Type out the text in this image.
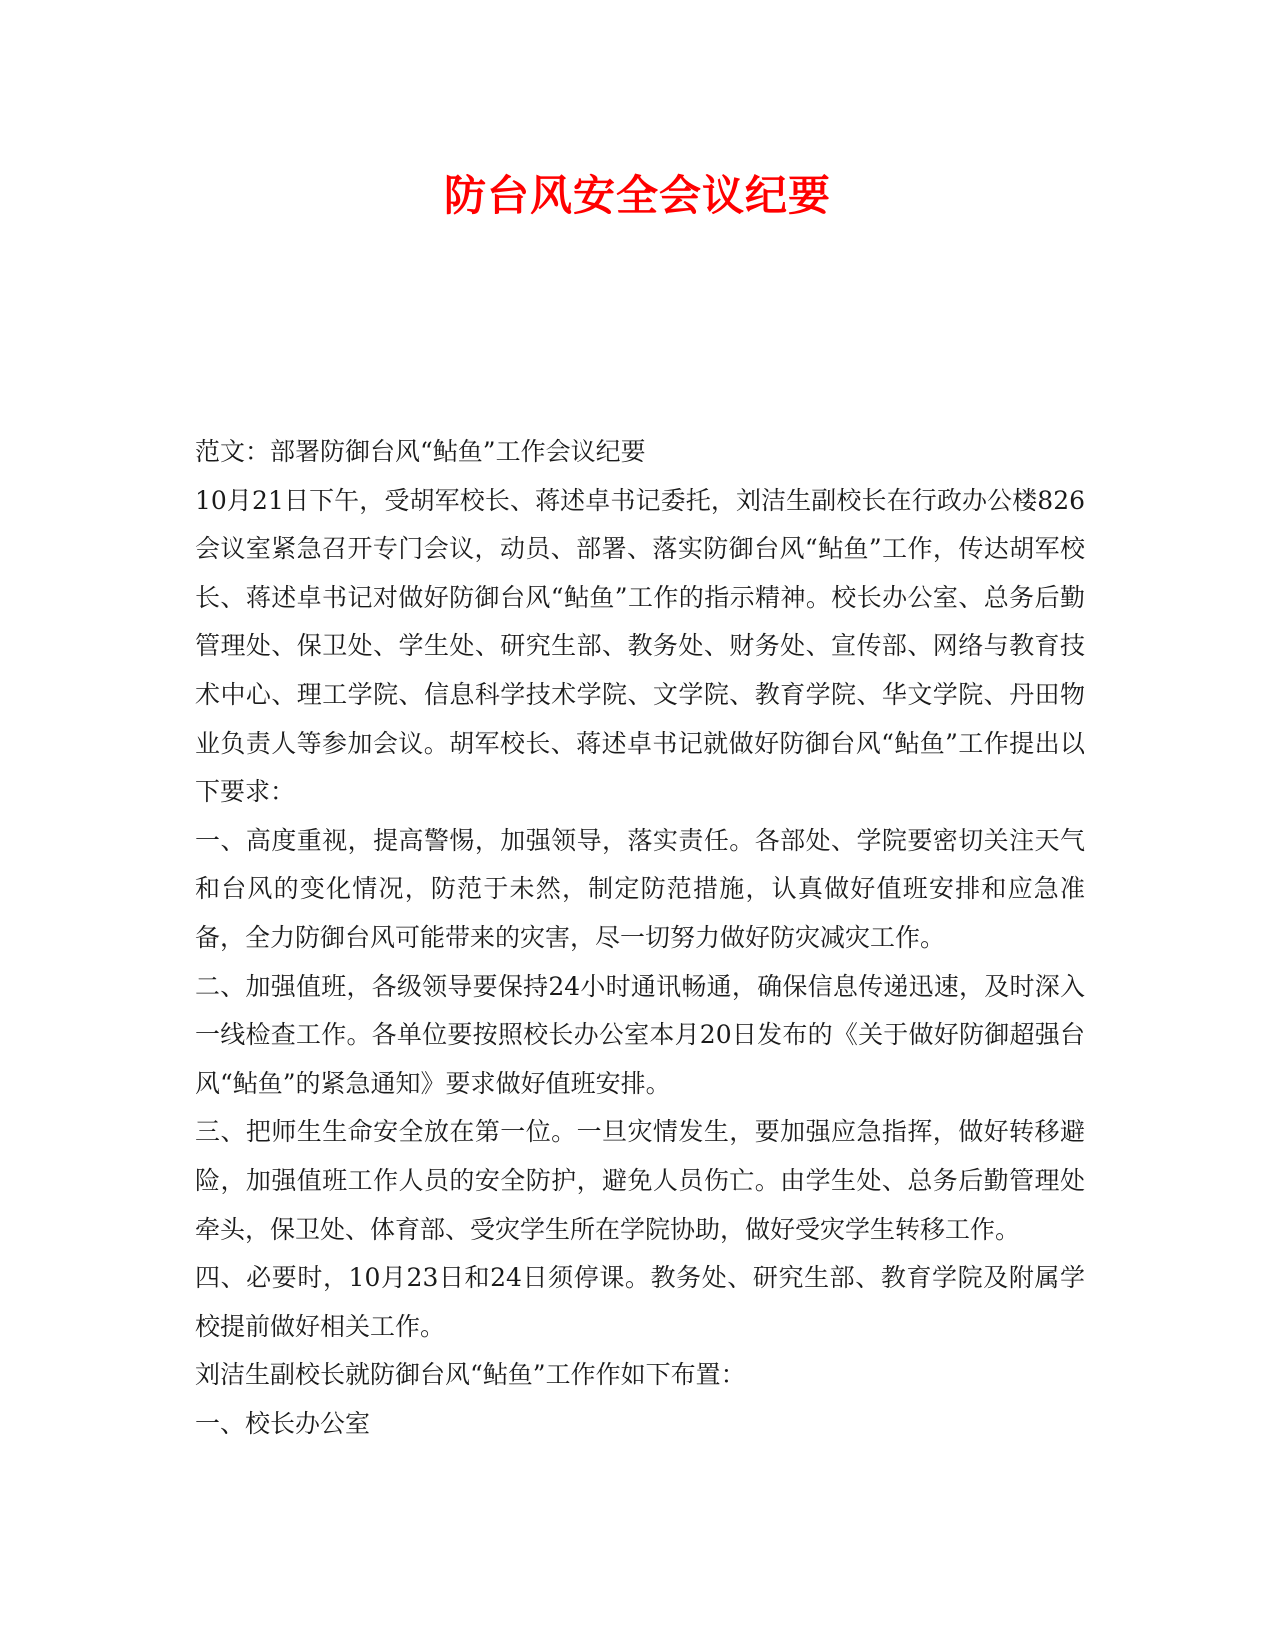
防台风安全会议纪要

范文：部署防御台风“鲇鱼”工作会议纪要

10月21日下午，受胡军校长、蒋述卓书记委托，刘洁生副校长在行政办公楼826会议室紧急召开专门会议，动员、部署、落实防御台风“鲇鱼”工作，传达胡军校长、蒋述卓书记对做好防御台风“鲇鱼”工作的指示精神。校长办公室、总务后勤管理处、保卫处、学生处、研究生部、教务处、财务处、宣传部、网络与教育技术中心、理工学院、信息科学技术学院、文学院、教育学院、华文学院、丹田物业负责人等参加会议。胡军校长、蒋述卓书记就做好防御台风“鲇鱼”工作提出以下要求：

一、高度重视，提高警惕，加强领导，落实责任。各部处、学院要密切关注天气和台风的变化情况，防范于未然，制定防范措施，认真做好值班安排和应急准备，全力防御台风可能带来的灾害，尽一切努力做好防灾减灾工作。

二、加强值班，各级领导要保持24小时通讯畅通，确保信息传递迅速，及时深入一线检查工作。各单位要按照校长办公室本月20日发布的《关于做好防御超强台风“鲇鱼”的紧急通知》要求做好值班安排。

三、把师生生命安全放在第一位。一旦灾情发生，要加强应急指挥，做好转移避险，加强值班工作人员的安全防护，避免人员伤亡。由学生处、总务后勤管理处牵头，保卫处、体育部、受灾学生所在学院协助，做好受灾学生转移工作。

四、必要时，10月23日和24日须停课。教务处、研究生部、教育学院及附属学校提前做好相关工作。

刘洁生副校长就防御台风“鲇鱼”工作作如下布置：

一、校长办公室
